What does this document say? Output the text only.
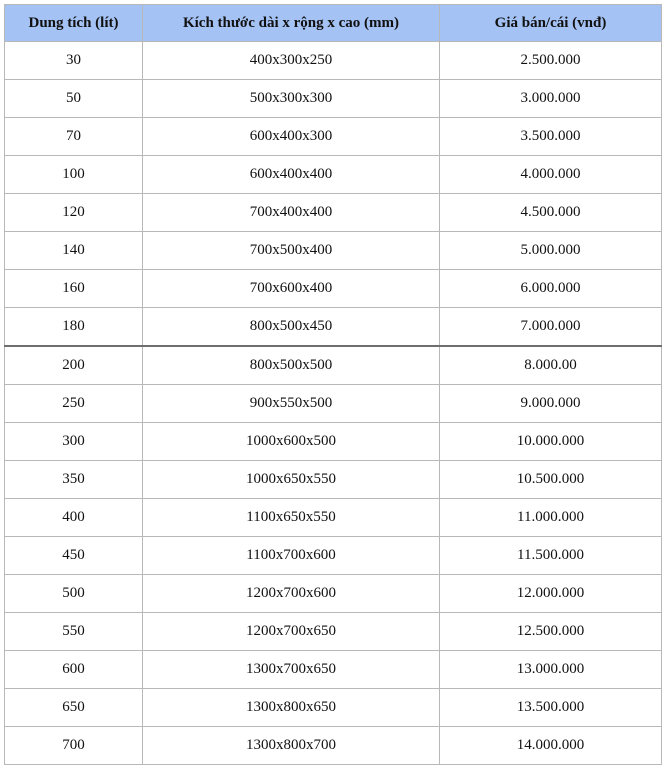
Dung tích (lít)	Kích thước dài x rộng x cao (mm)	Giá bán/cái (vnđ)
30	400x300x250	2.500.000
50	500x300x300	3.000.000
70	600x400x300	3.500.000
100	600x400x400	4.000.000
120	700x400x400	4.500.000
140	700x500x400	5.000.000
160	700x600x400	6.000.000
180	800x500x450	7.000.000
200	800x500x500	8.000.00
250	900x550x500	9.000.000
300	1000x600x500	10.000.000
350	1000x650x550	10.500.000
400	1100x650x550	11.000.000
450	1100x700x600	11.500.000
500	1200x700x600	12.000.000
550	1200x700x650	12.500.000
600	1300x700x650	13.000.000
650	1300x800x650	13.500.000
700	1300x800x700	14.000.000
